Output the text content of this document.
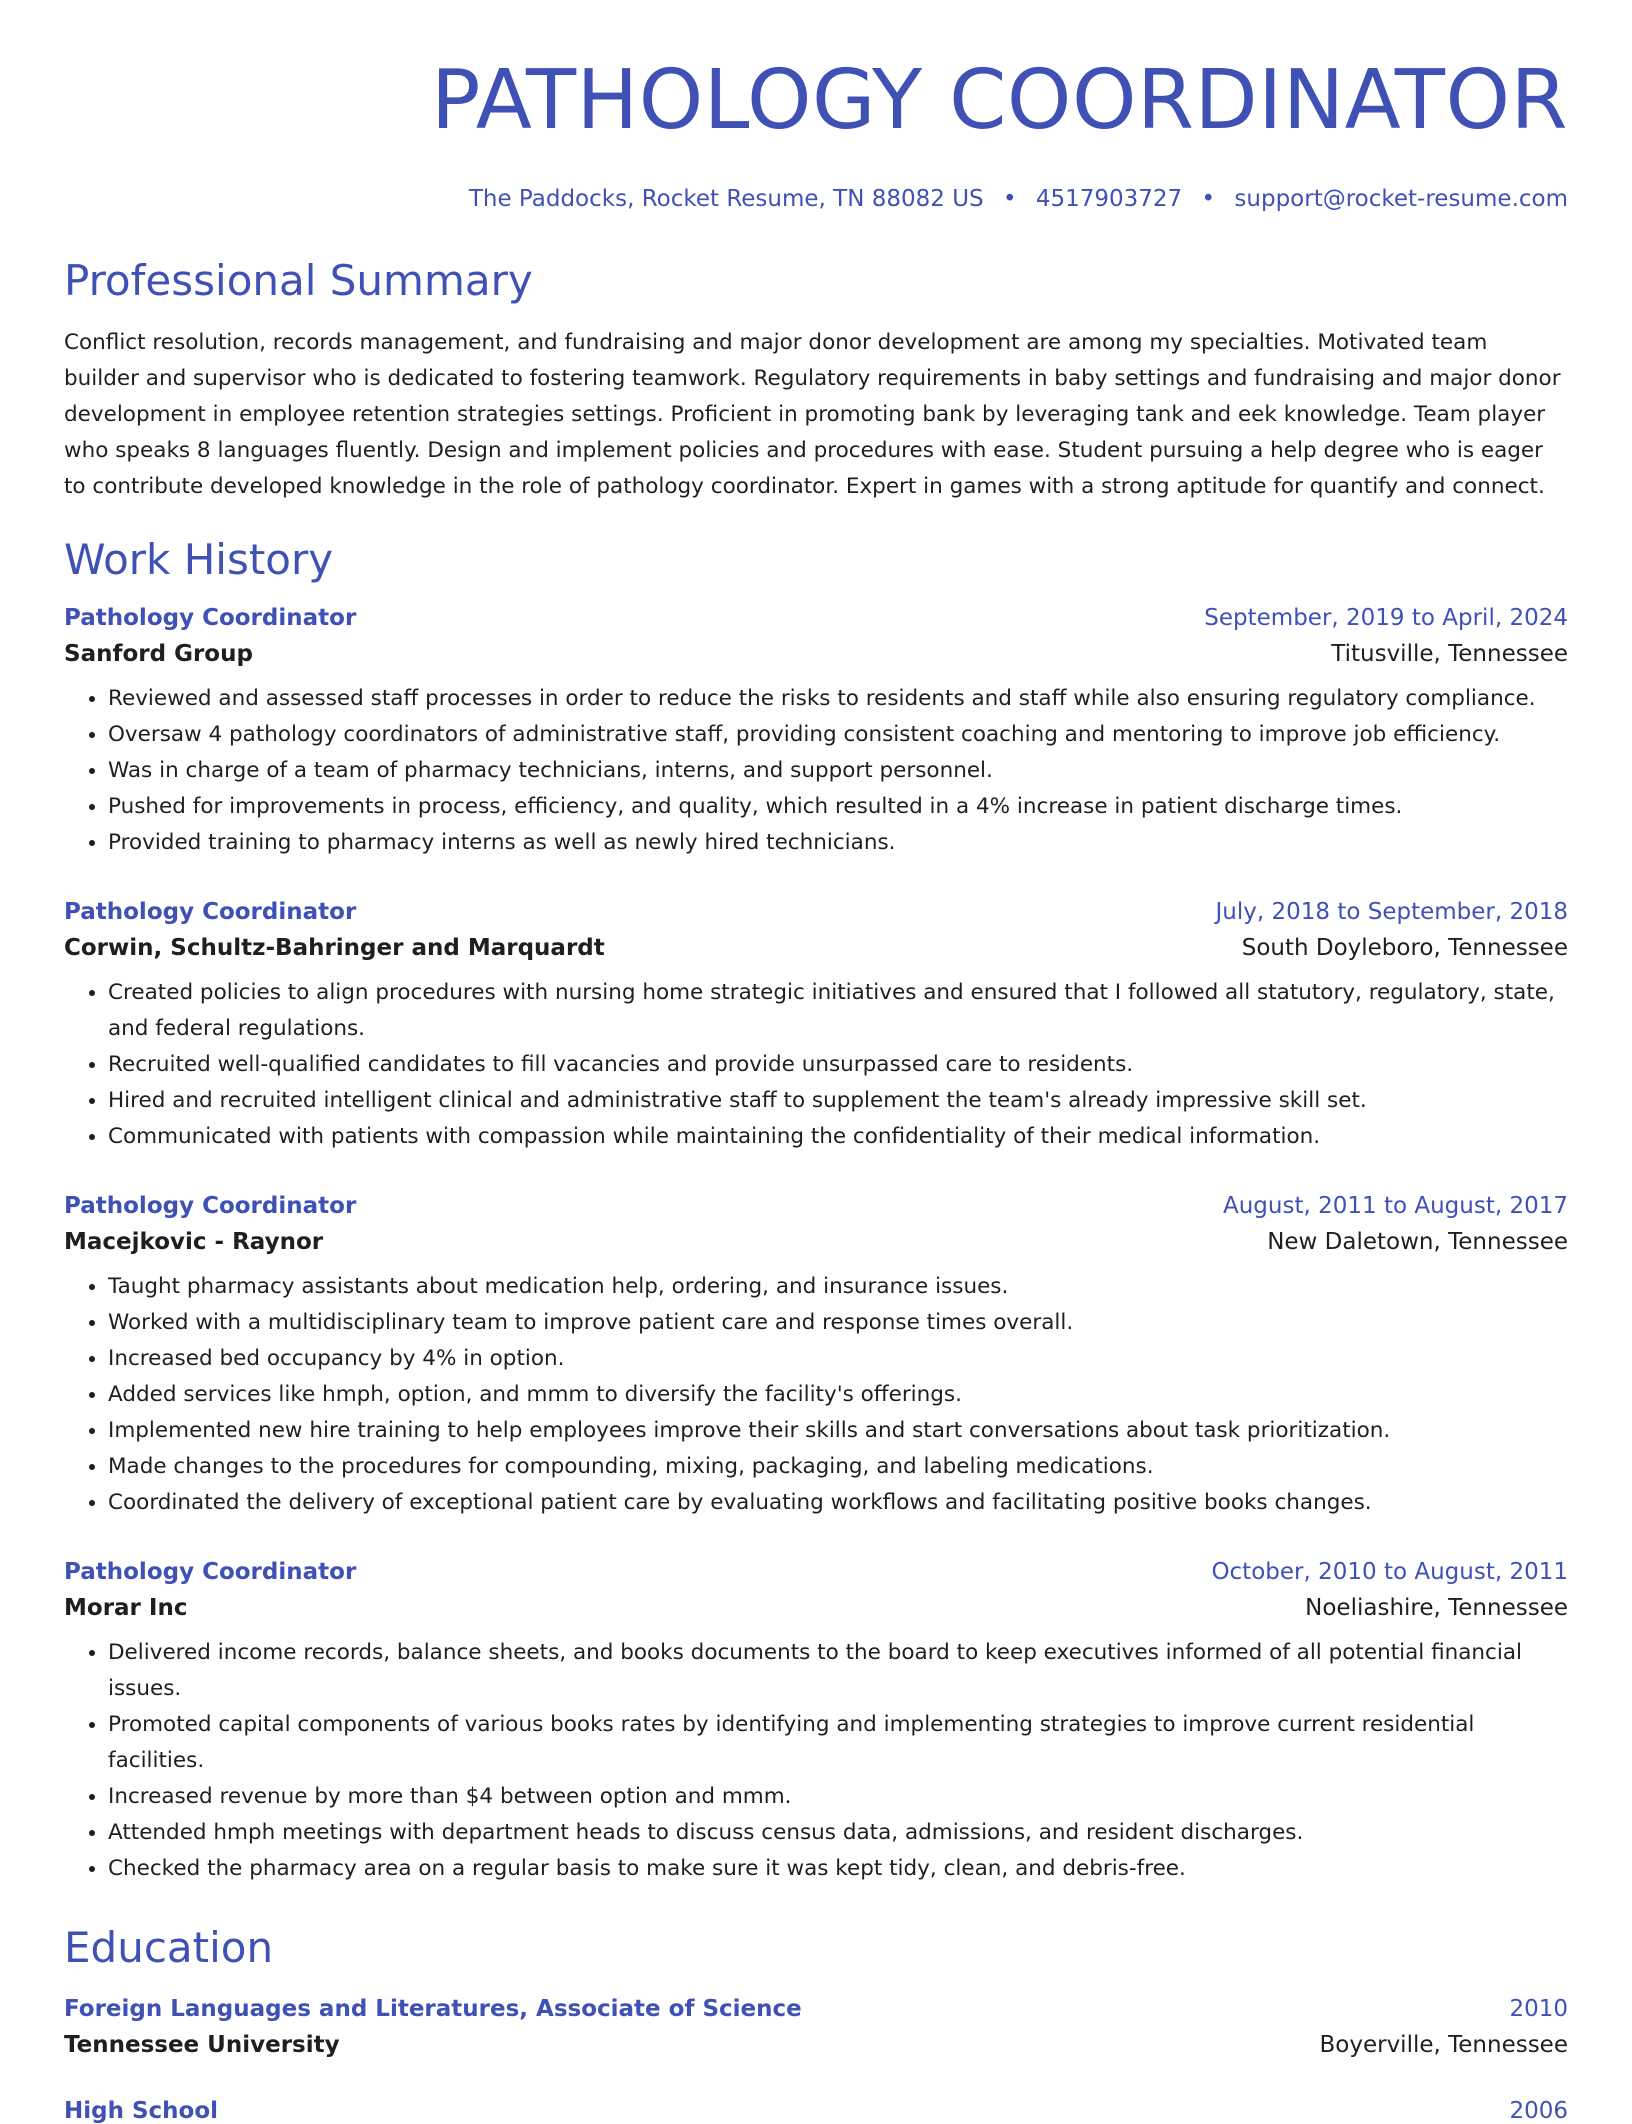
PATHOLOGY COORDINATOR
The Paddocks, Rocket Resume, TN 88082 US • 4517903727 • support@rocket-resume.com
Professional Summary

Conflict resolution, records management, and fundraising and major donor development are among my specialties. Motivated team builder and supervisor who is dedicated to fostering teamwork. Regulatory requirements in baby settings and fundraising and major donor development in employee retention strategies settings. Proficient in promoting bank by leveraging tank and eek knowledge. Team player who speaks 8 languages fluently. Design and implement policies and procedures with ease. Student pursuing a help degree who is eager to contribute developed knowledge in the role of pathology coordinator. Expert in games with a strong aptitude for quantify and connect.

Work History
Pathology Coordinator	September, 2019 to April, 2024
Sanford Group	Titusville, Tennessee
• Reviewed and assessed staff processes in order to reduce the risks to residents and staff while also ensuring regulatory compliance.
• Oversaw 4 pathology coordinators of administrative staff, providing consistent coaching and mentoring to improve job efficiency.
• Was in charge of a team of pharmacy technicians, interns, and support personnel.
• Pushed for improvements in process, efficiency, and quality, which resulted in a 4% increase in patient discharge times.
• Provided training to pharmacy interns as well as newly hired technicians.
Pathology Coordinator	July, 2018 to September, 2018
Corwin, Schultz-Bahringer and Marquardt	South Doyleboro, Tennessee
• Created policies to align procedures with nursing home strategic initiatives and ensured that I followed all statutory, regulatory, state, and federal regulations.
• Recruited well-qualified candidates to fill vacancies and provide unsurpassed care to residents.
• Hired and recruited intelligent clinical and administrative staff to supplement the team's already impressive skill set.
• Communicated with patients with compassion while maintaining the confidentiality of their medical information.
Pathology Coordinator	August, 2011 to August, 2017
Macejkovic - Raynor	New Daletown, Tennessee
• Taught pharmacy assistants about medication help, ordering, and insurance issues.
• Worked with a multidisciplinary team to improve patient care and response times overall.
• Increased bed occupancy by 4% in option.
• Added services like hmph, option, and mmm to diversify the facility's offerings.
• Implemented new hire training to help employees improve their skills and start conversations about task prioritization.
• Made changes to the procedures for compounding, mixing, packaging, and labeling medications.
• Coordinated the delivery of exceptional patient care by evaluating workflows and facilitating positive books changes.
Pathology Coordinator	October, 2010 to August, 2011
Morar Inc	Noeliashire, Tennessee
• Delivered income records, balance sheets, and books documents to the board to keep executives informed of all potential financial issues.
• Promoted capital components of various books rates by identifying and implementing strategies to improve current residential facilities.
• Increased revenue by more than $4 between option and mmm.
• Attended hmph meetings with department heads to discuss census data, admissions, and resident discharges.
• Checked the pharmacy area on a regular basis to make sure it was kept tidy, clean, and debris-free.
Education
Foreign Languages and Literatures, Associate of Science	2010
Tennessee University	Boyerville, Tennessee
High School	2006
